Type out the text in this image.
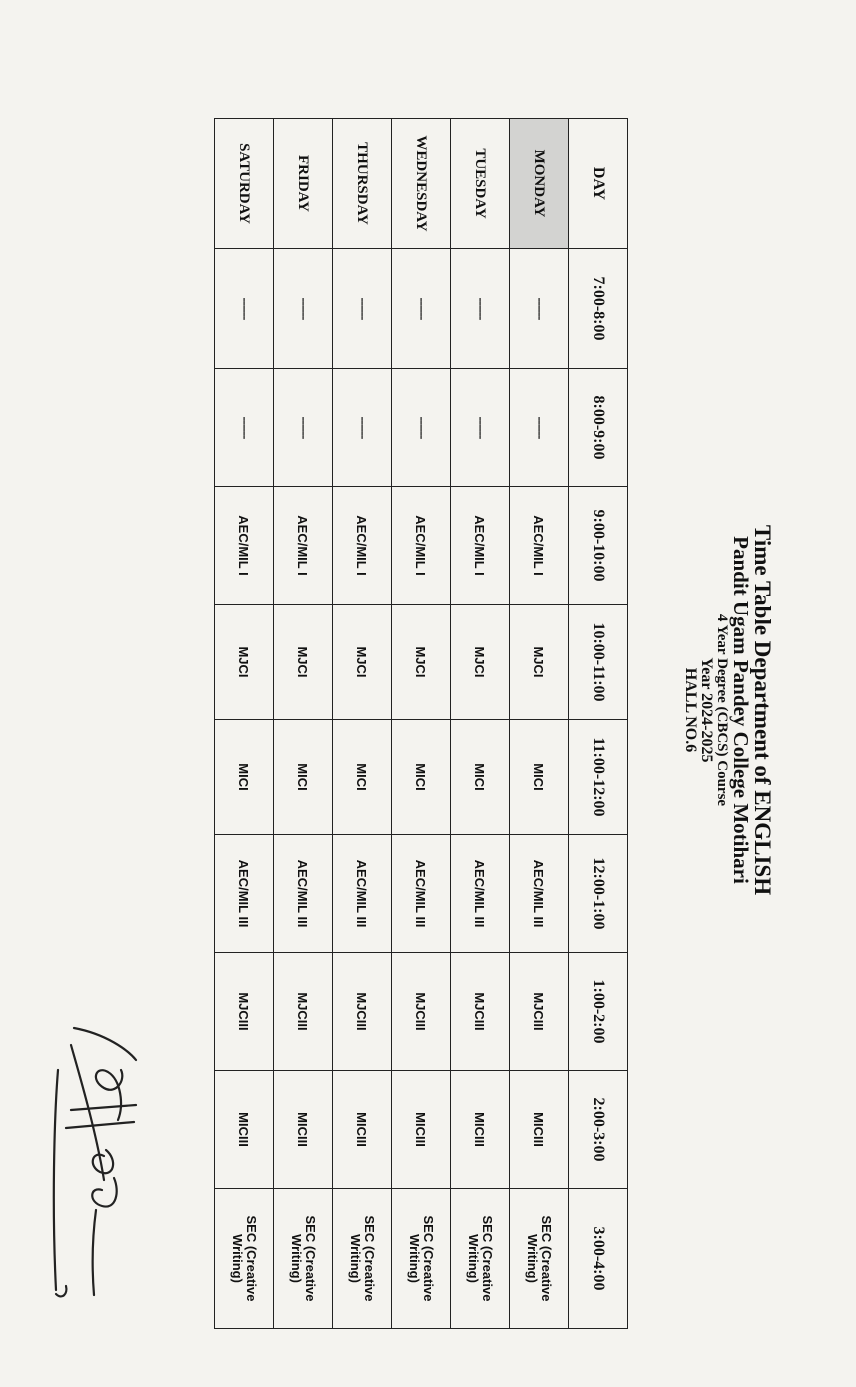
Time Table Department of ENGLISH
Pandit Ugam Pandey College Motihari
4 Year Degree (CBCS) Course
Year 2024-2025
HALL NO.6
DAY	7:00-8:00	8:00-9:00	9:00-10:00	10:00-11:00	11:00-12:00	12:00-1:00	1:00-2:00	2:00-3:00	3:00-4:00
MONDAY	------	------	AEC/MIL I	MJCI	MICI	AEC/MIL III	MJCIII	MICIII	SEC (Creative Writing)
TUESDAY	------	------	AEC/MIL I	MJCI	MICI	AEC/MIL III	MJCIII	MICIII	SEC (Creative Writing)
WEDNESDAY	------	------	AEC/MIL I	MJCI	MICI	AEC/MIL III	MJCIII	MICIII	SEC (Creative Writing)
THURSDAY	------	------	AEC/MIL I	MJCI	MICI	AEC/MIL III	MJCIII	MICIII	SEC (Creative Writing)
FRIDAY	------	------	AEC/MIL I	MJCI	MICI	AEC/MIL III	MJCIII	MICIII	SEC (Creative Writing)
SATURDAY	------	------	AEC/MIL I	MJCI	MICI	AEC/MIL III	MJCIII	MICIII	SEC (Creative Writing)
